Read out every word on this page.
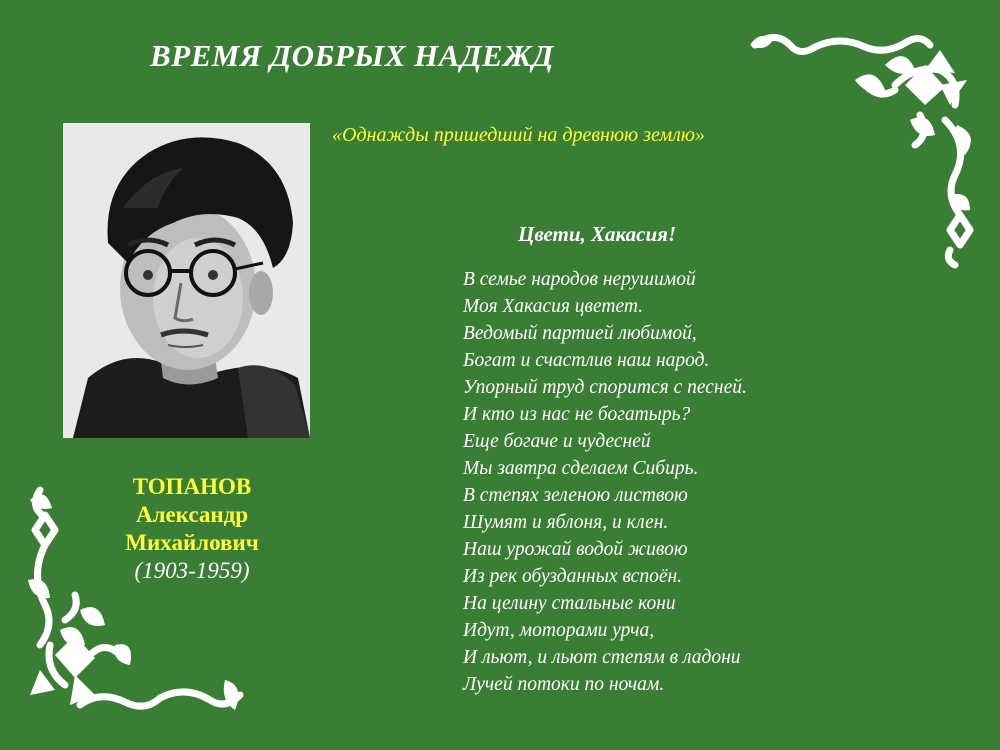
ВРЕМЯ ДОБРЫХ НАДЕЖД
«Однажды пришедший на древнюю землю»
ТОПАНОВ
Александр
Михайлович
(1903-1959)
Цвети, Хакасия!
В семье народов нерушимой
Моя Хакасия цветет.
Ведомый партией любимой,
Богат и счастлив наш народ.
Упорный труд спорится с песней.
И кто из нас не богатырь?
Еще богаче и чудесней
Мы завтра сделаем Сибирь.
В степях зеленою листвою
Шумят и яблоня, и клен.
Наш урожай водой живою
Из рек обузданных вспоён.
На целину стальные кони
Идут, моторами урча,
И льют, и льют степям в ладони
Лучей потоки по ночам.
